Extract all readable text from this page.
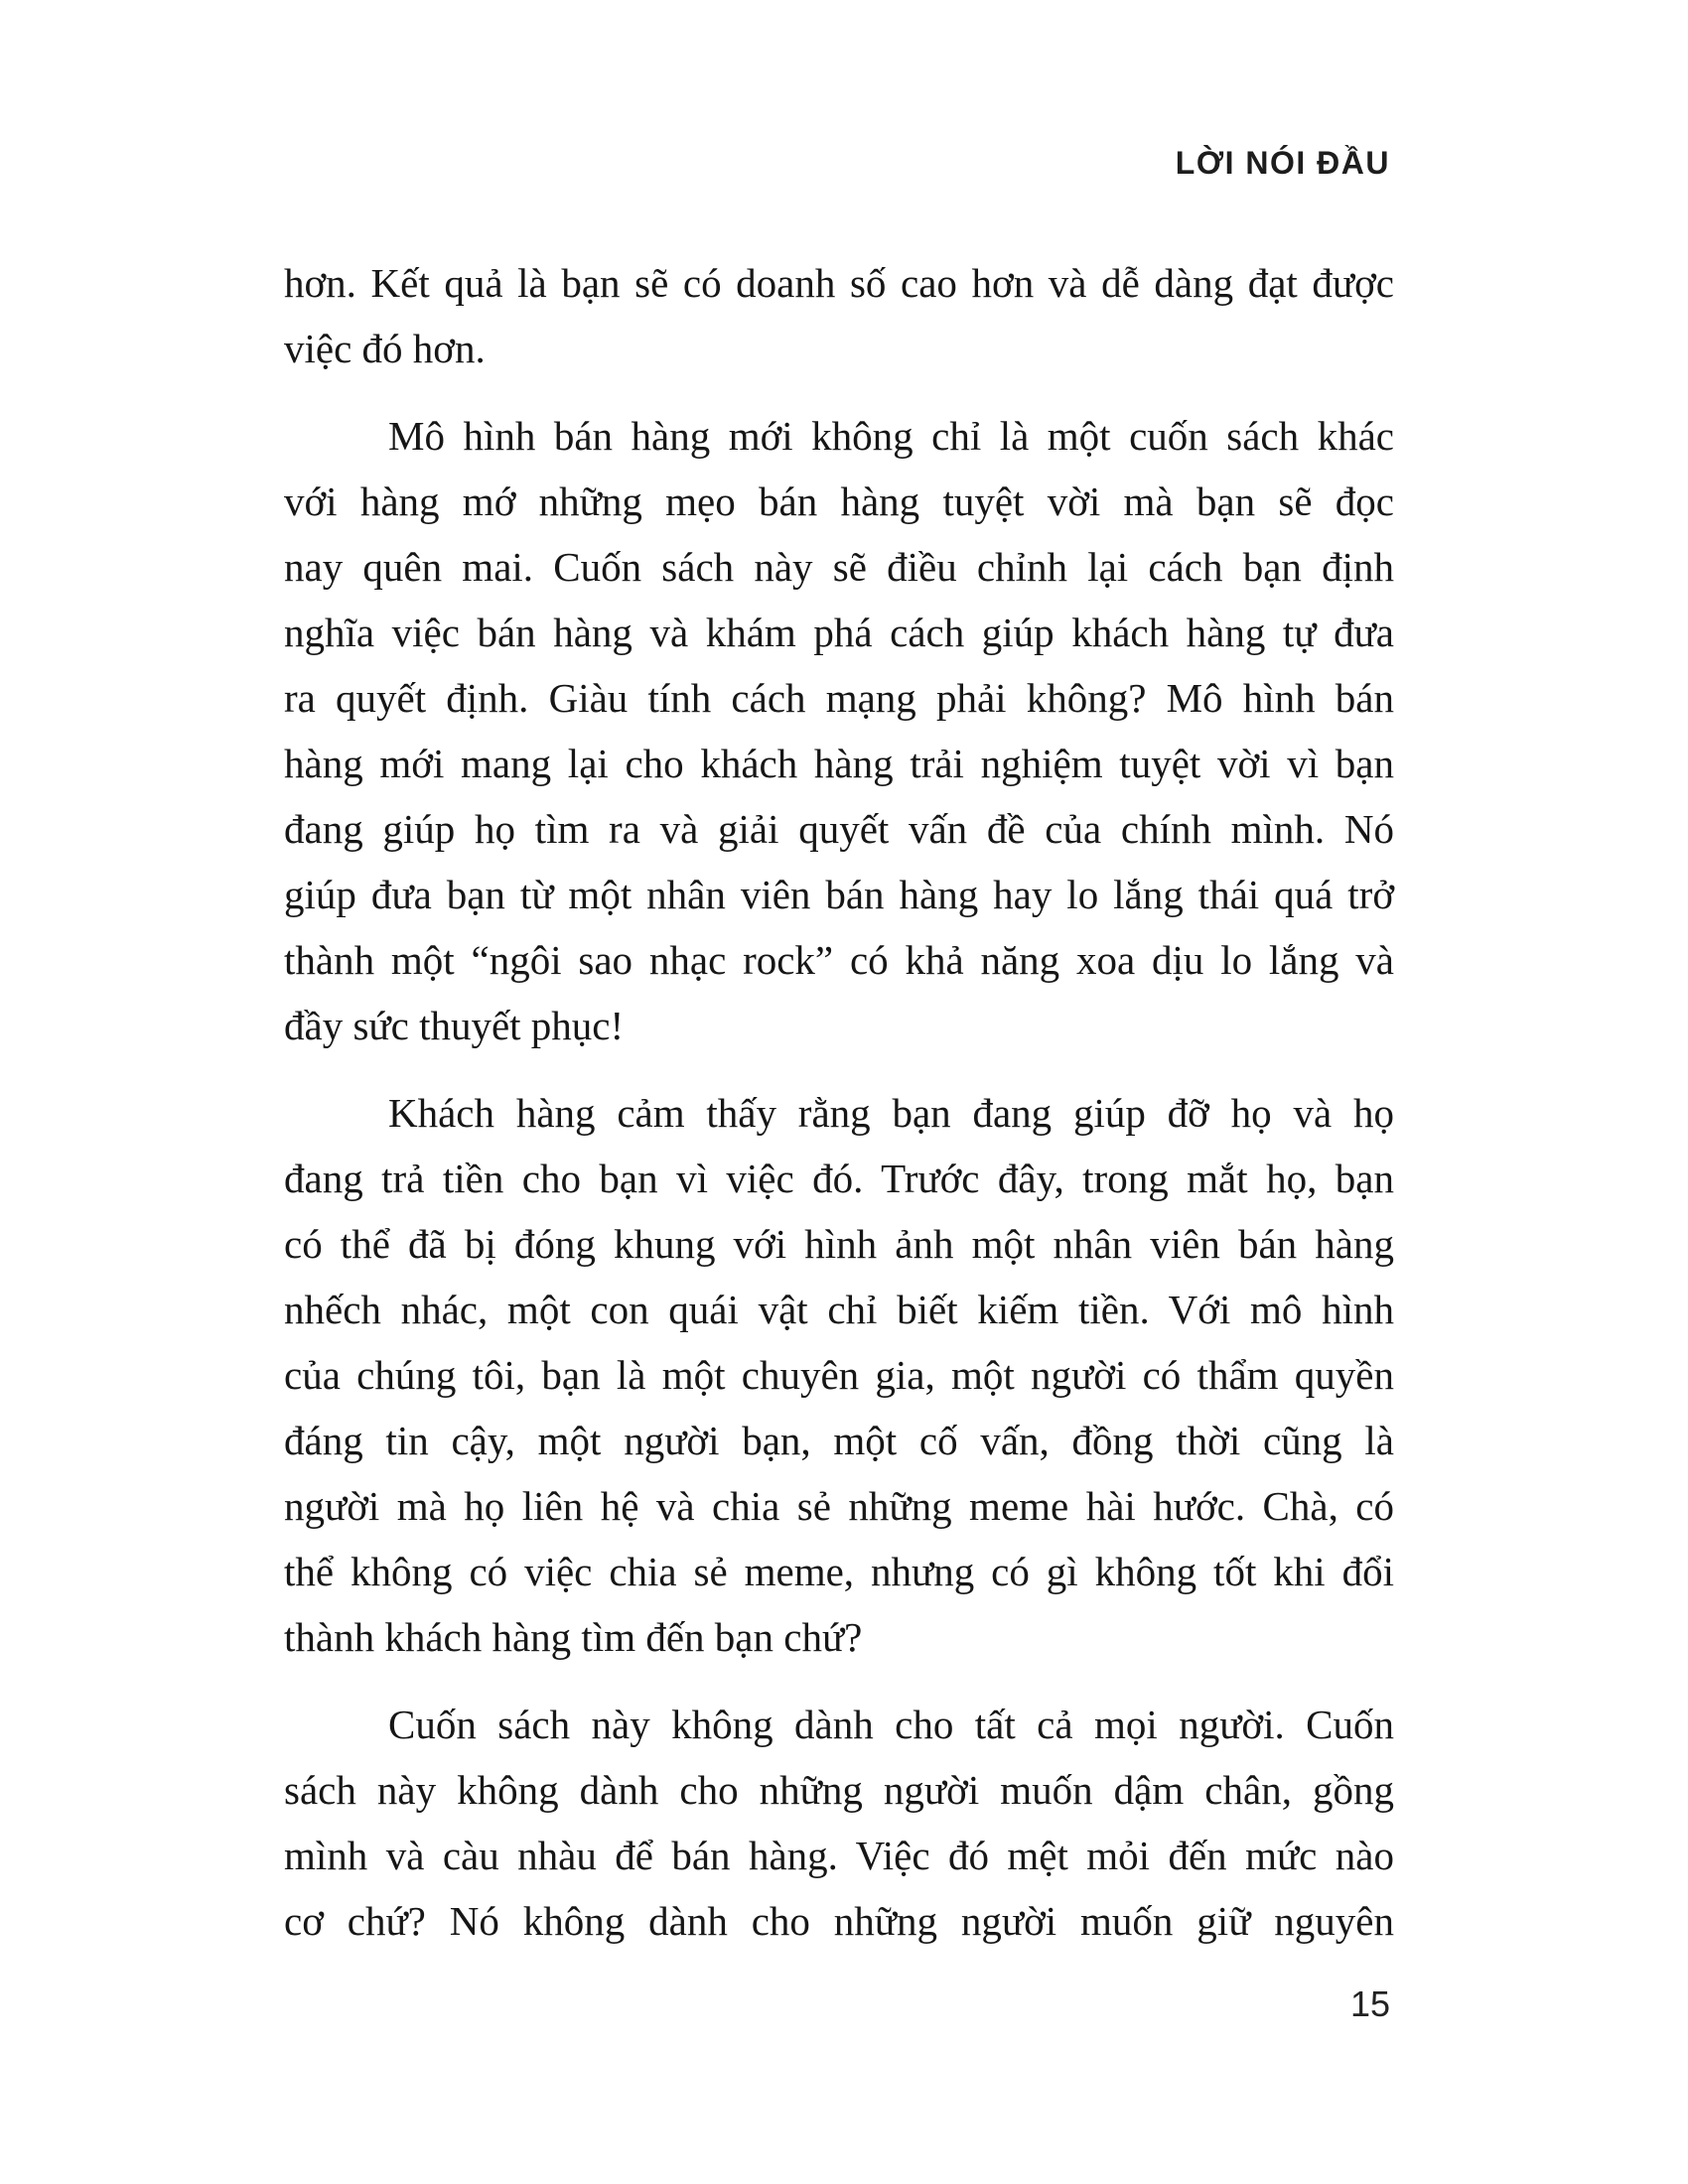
LỜI NÓI ĐẦU
hơn. Kết quả là bạn sẽ có doanh số cao hơn và dễ dàng đạt được
việc đó hơn.
Mô hình bán hàng mới không chỉ là một cuốn sách khác
với hàng mớ những mẹo bán hàng tuyệt vời mà bạn sẽ đọc
nay quên mai. Cuốn sách này sẽ điều chỉnh lại cách bạn định
nghĩa việc bán hàng và khám phá cách giúp khách hàng tự đưa
ra quyết định. Giàu tính cách mạng phải không? Mô hình bán
hàng mới mang lại cho khách hàng trải nghiệm tuyệt vời vì bạn
đang giúp họ tìm ra và giải quyết vấn đề của chính mình. Nó
giúp đưa bạn từ một nhân viên bán hàng hay lo lắng thái quá trở
thành một “ngôi sao nhạc rock” có khả năng xoa dịu lo lắng và
đầy sức thuyết phục!
Khách hàng cảm thấy rằng bạn đang giúp đỡ họ và họ
đang trả tiền cho bạn vì việc đó. Trước đây, trong mắt họ, bạn
có thể đã bị đóng khung với hình ảnh một nhân viên bán hàng
nhếch nhác, một con quái vật chỉ biết kiếm tiền. Với mô hình
của chúng tôi, bạn là một chuyên gia, một người có thẩm quyền
đáng tin cậy, một người bạn, một cố vấn, đồng thời cũng là
người mà họ liên hệ và chia sẻ những meme hài hước. Chà, có
thể không có việc chia sẻ meme, nhưng có gì không tốt khi đổi
thành khách hàng tìm đến bạn chứ?
Cuốn sách này không dành cho tất cả mọi người. Cuốn
sách này không dành cho những người muốn dậm chân, gồng
mình và càu nhàu để bán hàng. Việc đó mệt mỏi đến mức nào
cơ chứ? Nó không dành cho những người muốn giữ nguyên
15
